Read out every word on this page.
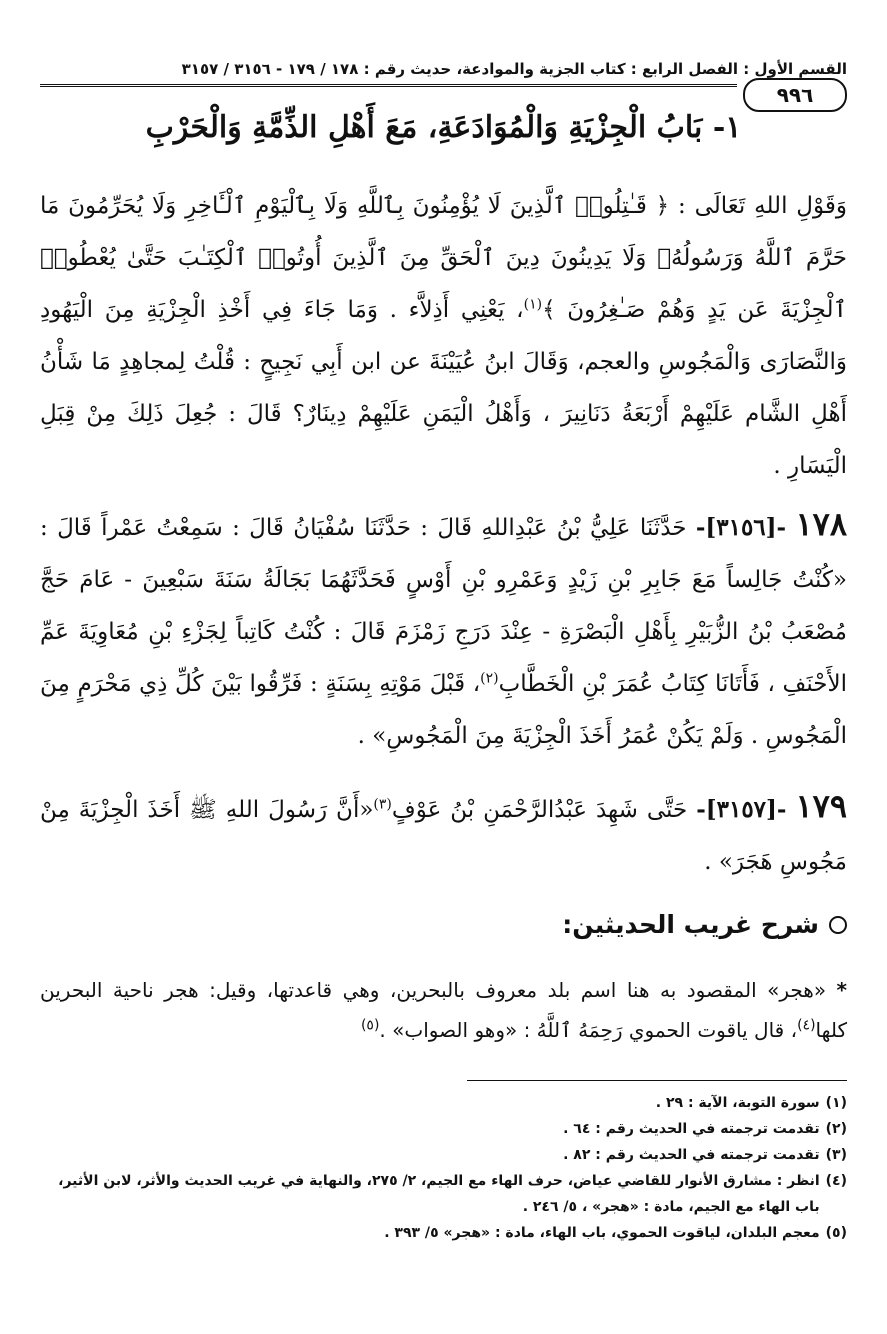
القسم الأول : الفصل الرابع : كتاب الجزية والموادعة، حديث رقم : ١٧٨ / ١٧٩ - ٣١٥٦ / ٣١٥٧
٩٩٦
١- بَابُ الْجِزْيَةِ وَالْمُوَادَعَةِ، مَعَ أَهْلِ الذِّمَّةِ وَالْحَرْبِ

وَقَوْلِ اللهِ تَعَالَى : ﴿ قَـٰتِلُوا۟ ٱلَّذِينَ لَا يُؤْمِنُونَ بِٱللَّهِ وَلَا بِٱلْيَوْمِ ٱلْـَٔاخِرِ وَلَا يُحَرِّمُونَ مَا حَرَّمَ ٱللَّهُ وَرَسُولُهُۥ وَلَا يَدِينُونَ دِينَ ٱلْحَقِّ مِنَ ٱلَّذِينَ أُوتُوا۟ ٱلْكِتَـٰبَ حَتَّىٰ يُعْطُوا۟ ٱلْجِزْيَةَ عَن يَدٍ وَهُمْ صَـٰغِرُونَ ﴾$^{(١)}$، يَعْنِي أَذِلاَّء . وَمَا جَاءَ فِي أَخْذِ الْجِزْيَةِ مِنَ الْيَهُودِ وَالنَّصَارَى وَالْمَجُوسِ والعجم، وَقَالَ ابنُ عُيَيْنَةَ عن ابن أَبِي نَجِيحٍ : قُلْتُ لِمجاهِدٍ مَا شَأْنُ أَهْلِ الشَّام عَلَيْهِمْ أَرْبَعَةُ دَنَانِيرَ ، وَأَهْلُ الْيَمَنِ عَلَيْهِمْ دِينَارٌ؟ قَالَ : جُعِلَ ذَلِكَ مِنْ قِبَلِ الْيَسَارِ .

١٧٨ -[٣١٥٦]- حَدَّثَنَا عَلِيُّ بْنُ عَبْدِاللهِ قَالَ : حَدَّثَنَا سُفْيَانُ قَالَ : سَمِعْتُ عَمْراً قَالَ : «كُنْتُ جَالِساً مَعَ جَابِرِ بْنِ زَيْدٍ وَعَمْرِو بْنِ أَوْسٍ فَحَدَّثَهُمَا بَجَالَةُ سَنَةَ سَبْعِينَ - عَامَ حَجَّ مُصْعَبُ بْنُ الزُّبَيْرِ بِأَهْلِ الْبَصْرَةِ - عِنْدَ دَرَجِ زَمْزَمَ قَالَ : كُنْتُ كَاتِباً لِجَزْءِ بْنِ مُعَاوِيَةَ عَمِّ الأَحْنَفِ ، فَأَتَانَا كِتَابُ عُمَرَ بْنِ الْخَطَّابِ$^{(٢)}$، قَبْلَ مَوْتِهِ بِسَنَةٍ : فَرِّقُوا بَيْنَ كُلِّ ذِي مَحْرَمٍ مِنَ الْمَجُوسِ . وَلَمْ يَكُنْ عُمَرُ أَخَذَ الْجِزْيَةَ مِنَ الْمَجُوسِ» .

١٧٩ -[٣١٥٧]- حَتَّى شَهِدَ عَبْدُالرَّحْمَنِ بْنُ عَوْفٍ$^{(٣)}$«أَنَّ رَسُولَ اللهِ ﷺ أَخَذَ الْجِزْيَةَ مِنْ مَجُوسِ هَجَرَ» .

شرح غريب الحديثين:

* «هجر» المقصود به هنا اسم بلد معروف بالبحرين، وهي قاعدتها، وقيل: هجر ناحية البحرين كلها$^{(٤)}$، قال ياقوت الحموي رَحِمَهُ ٱللَّهُ : «وهو الصواب» .$^{(٥)}$

(١)
سورة التوبة، الآية : ٢٩ .
(٢)
تقدمت ترجمته في الحديث رقم : ٦٤ .
(٣)
تقدمت ترجمته في الحديث رقم : ٨٢ .
(٤)
انظر : مشارق الأنوار للقاضي عياض، حرف الهاء مع الجيم، ٢/ ٢٧٥، والنهاية في غريب الحديث والأثر، لابن الأثير، باب الهاء مع الجيم، مادة : «هجر» ، ٥/ ٢٤٦ .
(٥)
معجم البلدان، لياقوت الحموي، باب الهاء، مادة : «هجر» ٥/ ٣٩٣ .
